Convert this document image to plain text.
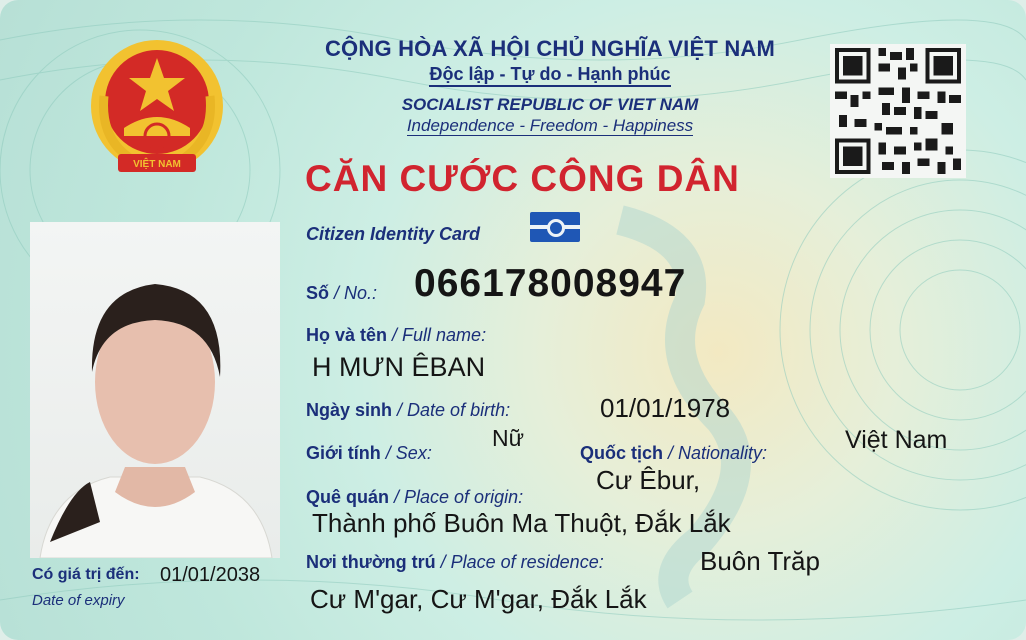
VIỆT NAM
CỘNG HÒA XÃ HỘI CHỦ NGHĨA VIỆT NAM
Độc lập - Tự do - Hạnh phúc
SOCIALIST REPUBLIC OF VIET NAM
Independence - Freedom - Happiness
CĂN CƯỚC CÔNG DÂN
Citizen Identity Card
Số / No.: 066178008947
Họ và tên / Full name:
H MƯN ÊBAN
Ngày sinh / Date of birth:	01/01/1978
Giới tính / Sex:
Nữ
Quốc tịch / Nationality:	Việt Nam
Quê quán / Place of origin:
Cư Êbur,
Thành phố Buôn Ma Thuột, Đắk Lắk
Nơi thường trú / Place of residence:	Buôn Trăp
Cư M'gar, Cư M'gar, Đắk Lắk
Có giá trị đến: 01/01/2038
Date of expiry
